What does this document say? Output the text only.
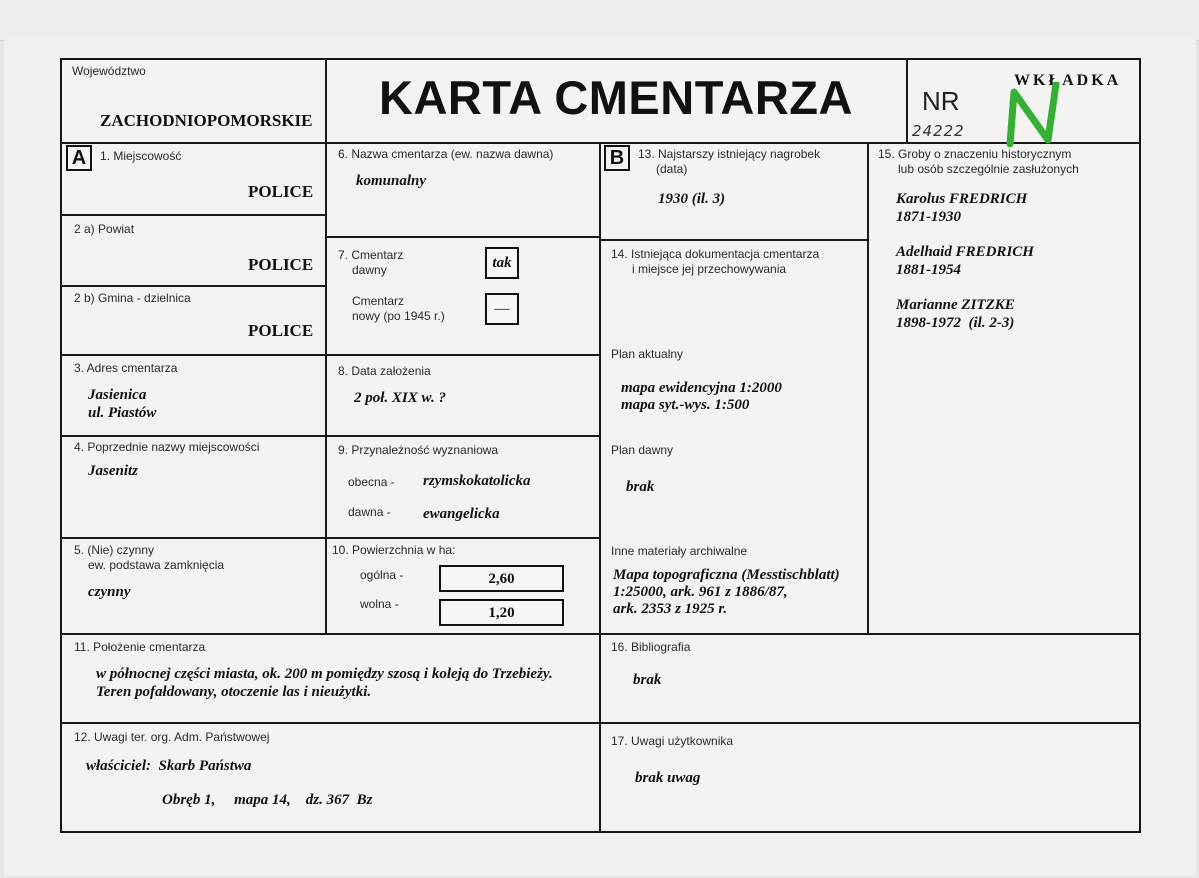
Województwo
ZACHODNIOPOMORSKIE	KARTA CMENTARZA	NR
WKŁADKA
24222
A	1. Miejscowość
POLICE
2 a) Powiat
POLICE
2 b) Gmina - dzielnica
POLICE
3. Adres cmentarza
Jasienica
ul. Piastów
4. Poprzednie nazwy miejscowości
Jasenitz
5. (Nie) czynny
ew. podstawa zamknięcia
czynny
6. Nazwa cmentarza (ew. nazwa dawna)
komunalny
7. Cmentarz
dawny	tak
Cmentarz
nowy (po 1945 r.)	—
8. Data założenia
2 poł. XIX w. ?
9. Przynależność wyznaniowa
obecna - rzymskokatolicka
dawna - ewangelicka
10. Powierzchnia w ha:
ogólna -	2,60
wolna -
1,20
B	13. Najstarszy istniejący nagrobek
(data)
1930 (il. 3)
14. Istniejąca dokumentacja cmentarza
i miejsce jej przechowywania
Plan aktualny
mapa ewidencyjna 1:2000
mapa syt.-wys. 1:500
Plan dawny
brak
Inne materiały archiwalne
Mapa topograficzna (Messtischblatt)
1:25000, ark. 961 z 1886/87,
ark. 2353 z 1925 r.
15. Groby o znaczeniu historycznym
lub osób szczególnie zasłużonych
Karolus FREDRICH
1871-1930
Adelhaid FREDRICH
1881-1954
Marianne ZITZKE
1898-1972  (il. 2-3)
11. Położenie cmentarza
w północnej części miasta, ok. 200 m pomiędzy szosą i koleją do Trzebieży.
Teren pofałdowany, otoczenie las i nieużytki.
16. Bibliografia
brak
12. Uwagi ter. org. Adm. Państwowej
właściciel:  Skarb Państwa
Obręb 1,     mapa 14,    dz. 367  Bz
17. Uwagi użytkownika
brak uwag
